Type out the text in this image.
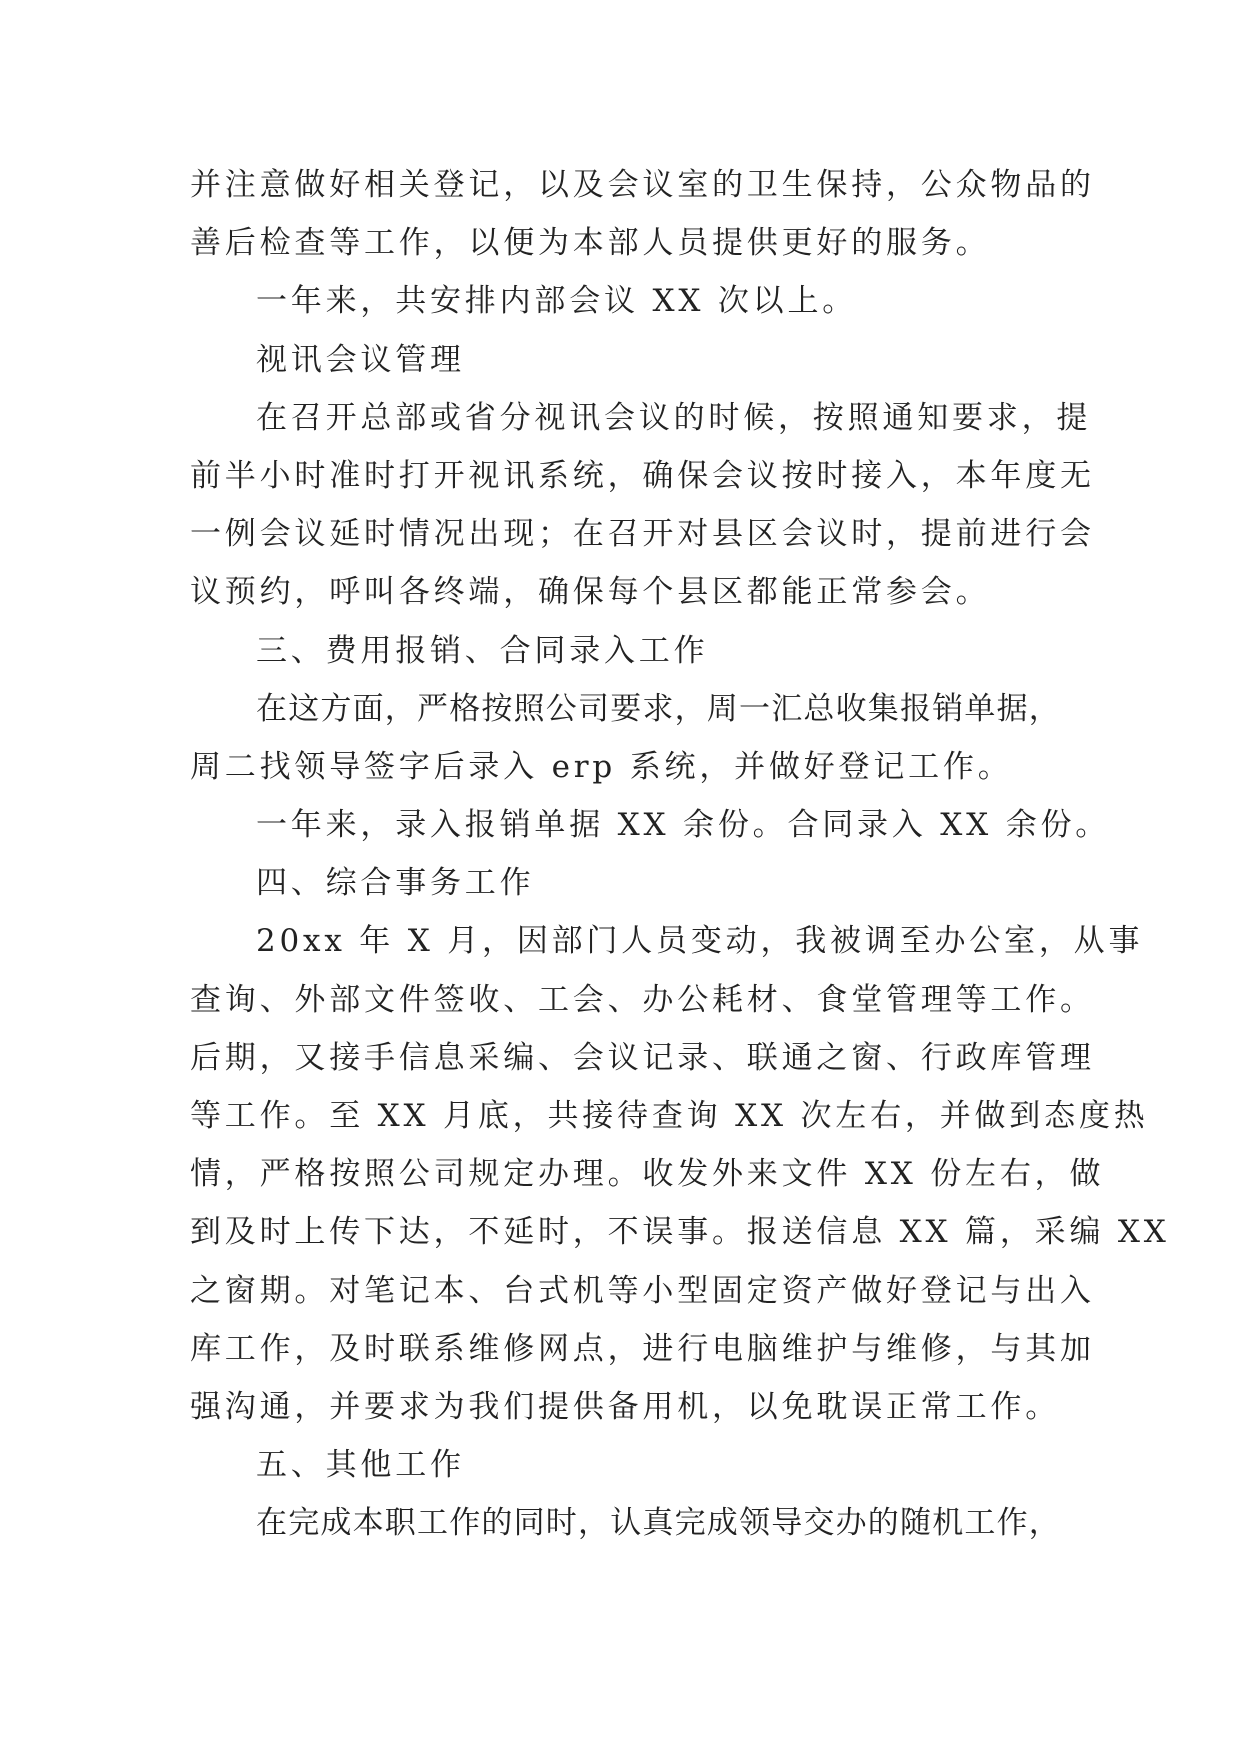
并注意做好相关登记，以及会议室的卫生保持，公众物品的
善后检查等工作，以便为本部人员提供更好的服务。
一年来，共安排内部会议 XX 次以上。
视讯会议管理
在召开总部或省分视讯会议的时候，按照通知要求，提
前半小时准时打开视讯系统，确保会议按时接入，本年度无
一例会议延时情况出现；在召开对县区会议时，提前进行会
议预约，呼叫各终端，确保每个县区都能正常参会。
三、费用报销、合同录入工作
在这方面，严格按照公司要求，周一汇总收集报销单据，
周二找领导签字后录入 erp 系统，并做好登记工作。
一年来，录入报销单据 XX 余份。合同录入 XX 余份。
四、综合事务工作
20xx 年 X 月，因部门人员变动，我被调至办公室，从事
查询、外部文件签收、工会、办公耗材、食堂管理等工作。
后期，又接手信息采编、会议记录、联通之窗、行政库管理
等工作。至 XX 月底，共接待查询 XX 次左右，并做到态度热
情，严格按照公司规定办理。收发外来文件 XX 份左右，做
到及时上传下达，不延时，不误事。报送信息 XX 篇，采编 XX
之窗期。对笔记本、台式机等小型固定资产做好登记与出入
库工作，及时联系维修网点，进行电脑维护与维修，与其加
强沟通，并要求为我们提供备用机，以免耽误正常工作。
五、其他工作
在完成本职工作的同时，认真完成领导交办的随机工作，
